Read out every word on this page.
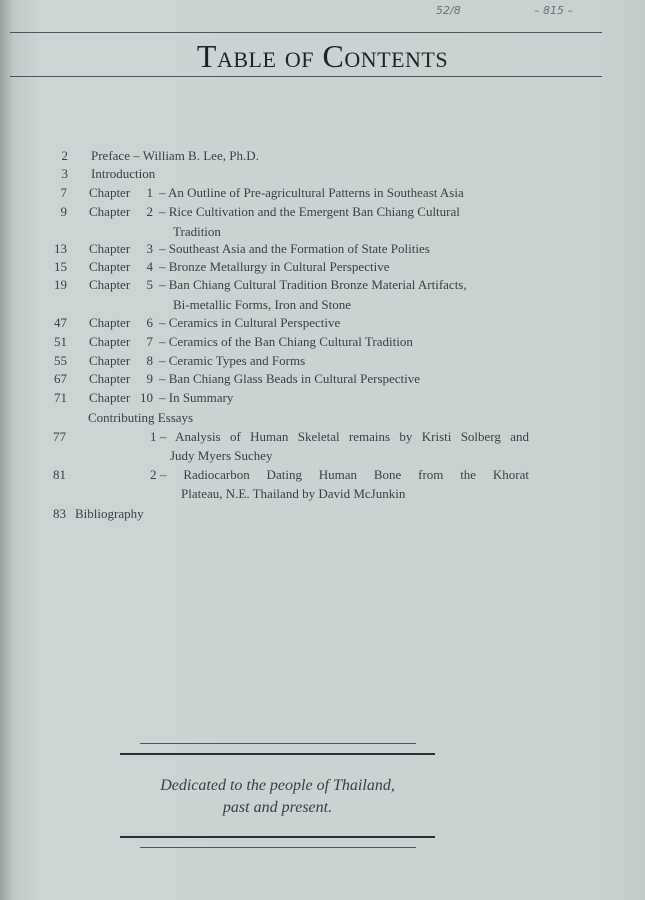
52/8	– 815 –
Table of Contents
2 Preface – William B. Lee, Ph.D.
3 Introduction
7 Chapter	1 – An Outline of Pre-agricultural Patterns in Southeast Asia
9 Chapter	2 – Rice Cultivation and the Emergent Ban Chiang Cultural
Tradition
13 Chapter	3 – Southeast Asia and the Formation of State Polities
15 Chapter	4 – Bronze Metallurgy in Cultural Perspective
19 Chapter	5 – Ban Chiang Cultural Tradition Bronze Material Artifacts,
Bi-metallic Forms, Iron and Stone
47 Chapter	6 – Ceramics in Cultural Perspective
51 Chapter	7 – Ceramics of the Ban Chiang Cultural Tradition
55 Chapter	8 – Ceramic Types and Forms
67 Chapter	9 – Ban Chiang Glass Beads in Cultural Perspective
71 Chapter 10 – In Summary
Contributing Essays
77	1 – Analysis of Human Skeletal remains by Kristi Solberg and
Judy Myers Suchey
81	2 – Radiocarbon Dating Human Bone from the Khorat
Plateau, N.E. Thailand by David McJunkin
83 Bibliography
Dedicated to the people of Thailand,
past and present.
